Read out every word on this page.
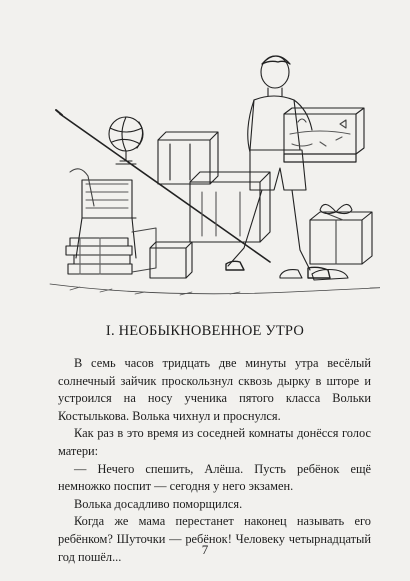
I. НЕОБЫКНОВЕННОЕ УТРО

В семь часов тридцать две минуты утра весёлый солнечный зайчик проскользнул сквозь дырку в шторе и устроился на носу ученика пятого класса Вольки Костылькова. Волька чихнул и проснулся.

Как раз в это время из соседней комнаты донёсся голос матери:

— Нечего спешить, Алёша. Пусть ребёнок ещё немножко поспит — сегодня у него экзамен.

Волька досадливо поморщился.

Когда же мама перестанет наконец называть его ребёнком? Шуточки — ребёнок! Человеку четырнадцатый год пошёл...	7
